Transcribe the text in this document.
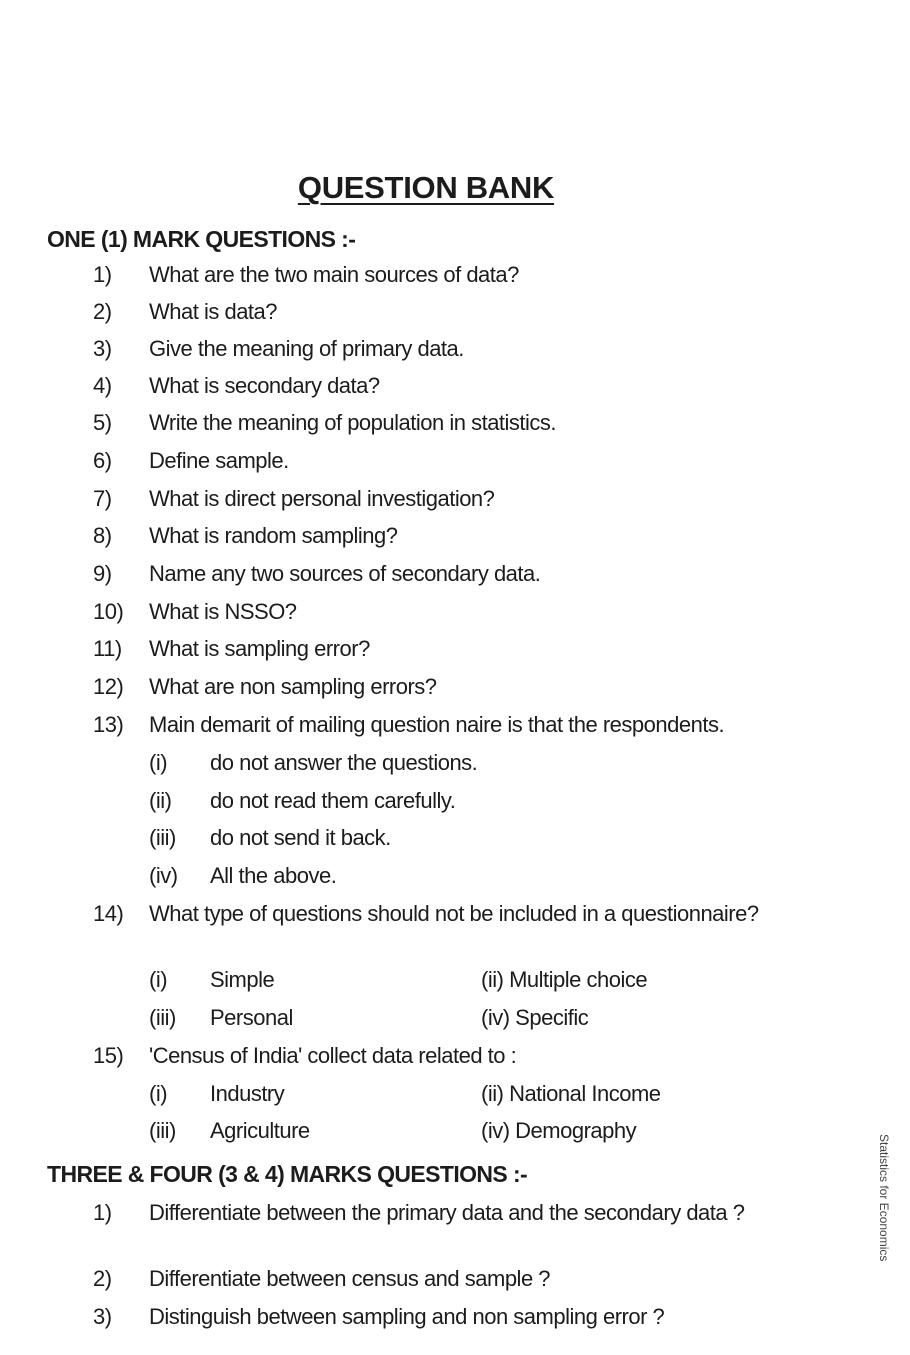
QUESTION BANK
ONE (1) MARK QUESTIONS :-
1) What are the two main sources of data?
2) What is data?
3) Give the meaning of primary data.
4) What is secondary data?
5) Write the meaning of population in statistics.
6) Define sample.
7) What is direct personal investigation?
8) What is random sampling?
9) Name any two sources of secondary data.
10) What is NSSO?
11) What is sampling error?
12) What are non sampling errors?
13) Main demarit of mailing question naire is that the respondents.
(i) do not answer the questions.
(ii) do not read them carefully.
(iii) do not send it back.
(iv) All the above.
14) What type of questions should not be included in a questionnaire?
(i) Simple	(ii) Multiple choice
(iii) Personal	(iv) Specific
15) 'Census of India' collect data related to :
(i) Industry	(ii) National Income
(iii) Agriculture	(iv) Demography
THREE & FOUR (3 & 4) MARKS QUESTIONS :-
1) Differentiate between the primary data and the secondary data ?
2) Differentiate between census and sample ?
3) Distinguish between sampling and non sampling error ?
Statistics for Economics
